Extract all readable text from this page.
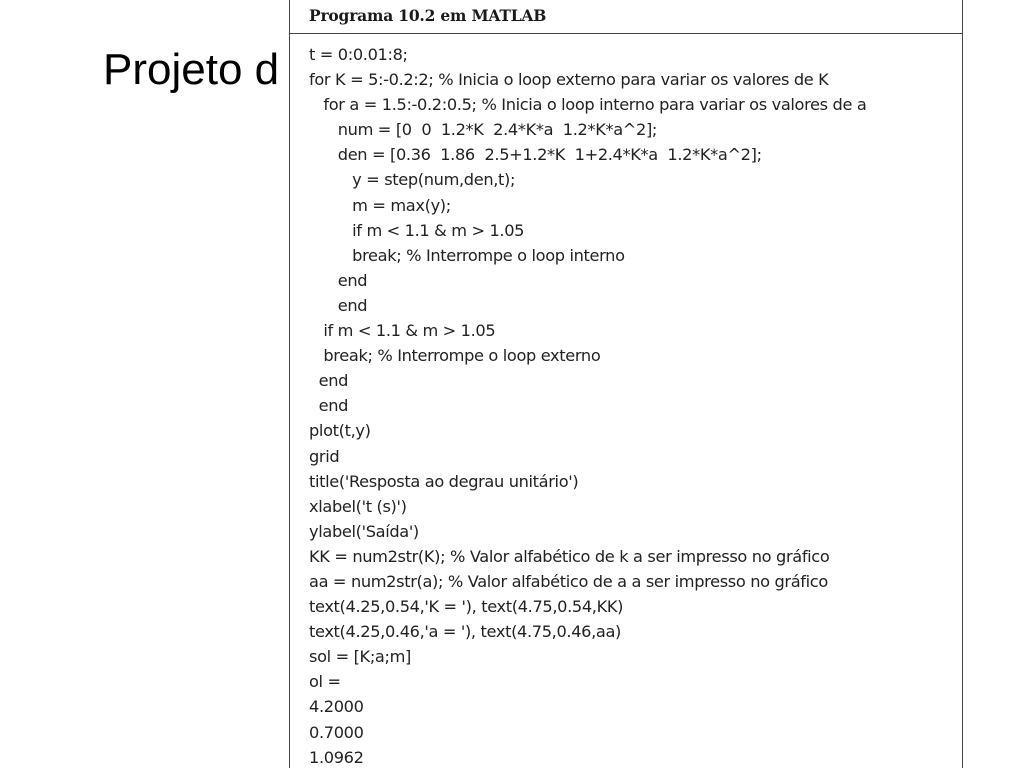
Projeto d
Programa 10.2 em MATLAB
t = 0:0.01:8;
for K = 5:-0.2:2; % Inicia o loop externo para variar os valores de K
for a = 1.5:-0.2:0.5; % Inicia o loop interno para variar os valores de a
num = [0  0  1.2*K  2.4*K*a  1.2*K*a^2];
den = [0.36  1.86  2.5+1.2*K  1+2.4*K*a  1.2*K*a^2];
y = step(num,den,t);
m = max(y);
if m < 1.1 & m > 1.05
break; % Interrompe o loop interno
end
end
if m < 1.1 & m > 1.05
break; % Interrompe o loop externo
end
end
plot(t,y)
grid
title('Resposta ao degrau unitário')
xlabel('t (s)')
ylabel('Saída')
KK = num2str(K); % Valor alfabético de k a ser impresso no gráfico
aa = num2str(a); % Valor alfabético de a a ser impresso no gráfico
text(4.25,0.54,'K = '), text(4.75,0.54,KK)
text(4.25,0.46,'a = '), text(4.75,0.46,aa)
sol = [K;a;m]
ol =
4.2000
0.7000
1.0962
